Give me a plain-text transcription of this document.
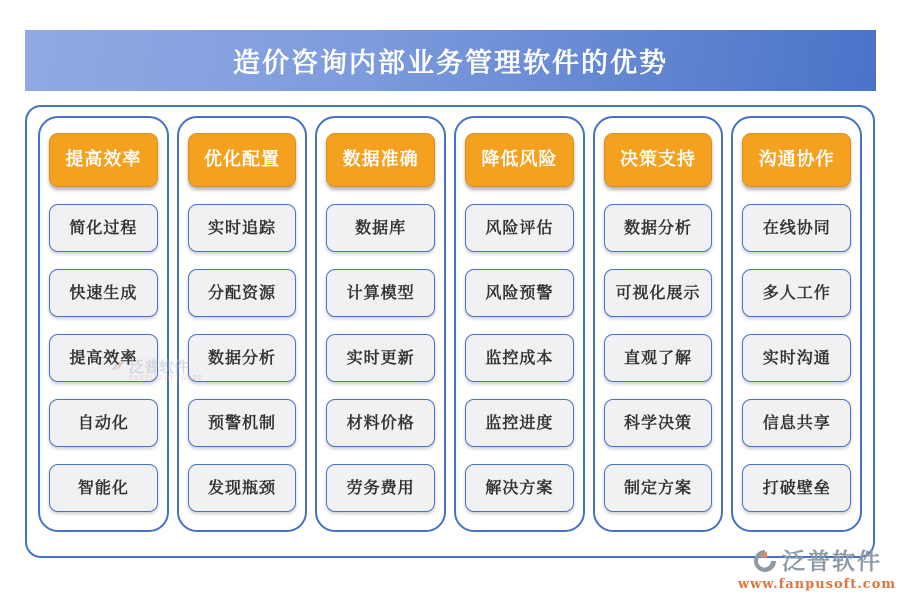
造价咨询内部业务管理软件的优势
提高效率
简化过程
快速生成
提高效率
自动化
智能化
优化配置
实时追踪
分配资源
数据分析
预警机制
发现瓶颈
数据准确
数据库
计算模型
实时更新
材料价格
劳务费用
降低风险
风险评估
风险预警
监控成本
监控进度
解决方案
决策支持
数据分析
可视化展示
直观了解
科学决策
制定方案
沟通协作
在线协同
多人工作
实时沟通
信息共享
打破壁垒
泛普软件
FANPU SOFTWARE
泛普软件
www.fanpusoft.com
